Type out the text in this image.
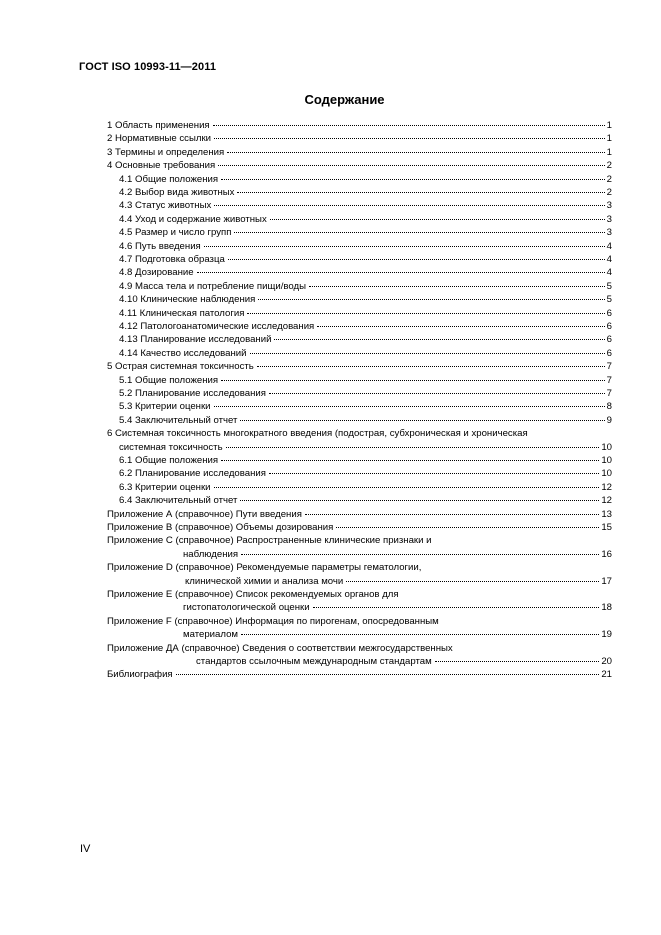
ГОСТ ISO 10993-11—2011
Содержание
1 Область применения	1
2 Нормативные ссылки	1
3 Термины и определения	1
4 Основные требования	2
4.1 Общие положения	2
4.2 Выбор вида животных	2
4.3 Статус животных	3
4.4 Уход и содержание животных	3
4.5 Размер и число групп	3
4.6 Путь введения	4
4.7 Подготовка образца	4
4.8 Дозирование	4
4.9 Масса тела и потребление пищи/воды	5
4.10 Клинические наблюдения	5
4.11 Клиническая патология	6
4.12 Патологоанатомические исследования	6
4.13 Планирование исследований	6
4.14 Качество исследований	6
5 Острая системная токсичность	7
5.1 Общие положения	7
5.2 Планирование исследования	7
5.3 Критерии оценки	8
5.4 Заключительный отчет	9
6 Системная токсичность многократного введения (подострая, субхроническая и хроническая
системная токсичность	10
6.1 Общие положения	10
6.2 Планирование исследования	10
6.3 Критерии оценки	12
6.4 Заключительный отчет	12
Приложение А (справочное) Пути введения	13
Приложение В (справочное) Объемы дозирования	15
Приложение С (справочное) Распространенные клинические признаки и
наблюдения	16
Приложение D (справочное) Рекомендуемые параметры гематологии,
клинической химии и анализа мочи	17
Приложение Е (справочное) Список рекомендуемых органов для
гистопатологической оценки	18
Приложение F (справочное) Информация по пирогенам, опосредованным
материалом	19
Приложение ДА (справочное) Сведения о соответствии межгосударственных
стандартов ссылочным международным стандартам	20
Библиография	21
IV
